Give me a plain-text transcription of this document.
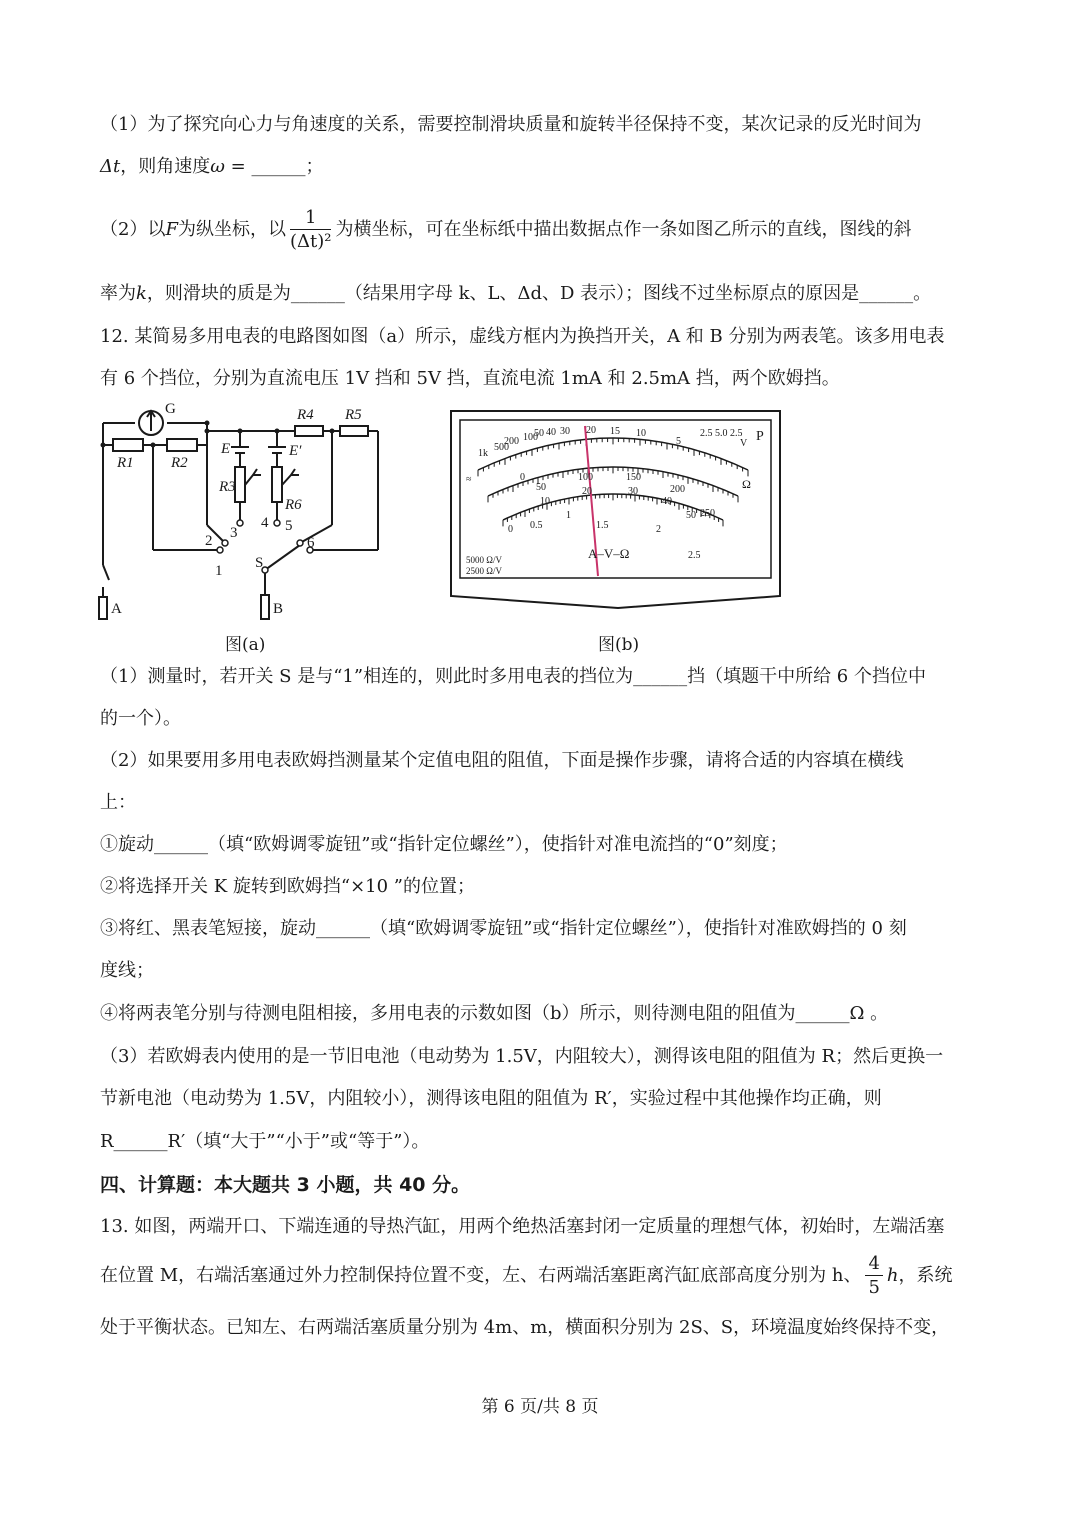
（1）为了探究向心力与角速度的关系，需要控制滑块质量和旋转半径保持不变，某次记录的反光时间为
Δt，则角速度ω = ______；
（2）以F为纵坐标，以 $\frac{1}{\text{(Δt)²}}$ 为横坐标，可在坐标纸中描出数据点作一条如图乙所示的直线，图线的斜
率为k，则滑块的质是为______（结果用字母 k、L、Δd、D 表示）；图线不过坐标原点的原因是______。
12. 某简易多用电表的电路图如图（a）所示，虚线方框内为换挡开关，A 和 B 分别为两表笔。该多用电表
有 6 个挡位，分别为直流电压 1V 挡和 5V 挡，直流电流 1mA 和 2.5mA 挡，两个欧姆挡。
G
R1 R2
R3
R4 R5
R6
E	E′
S
A	B
1
2 3
4 5
6
图(a)
1k
500
200 100
50 40 30 20 15 10
5
2.5 5.0 2.5
V P
0
50
100	150
200
250
10
20	30
40
50
0 0.5
1
1.5	2
2.5
Ω
A–V–Ω
5000 Ω/V
2500 Ω/V
≈
图(b)
（1）测量时，若开关 S 是与“1”相连的，则此时多用电表的挡位为______挡（填题干中所给 6 个挡位中
的一个）。
（2）如果要用多用电表欧姆挡测量某个定值电阻的阻值，下面是操作步骤，请将合适的内容填在横线
上：
①旋动______（填“欧姆调零旋钮”或“指针定位螺丝”），使指针对准电流挡的“0”刻度；
②将选择开关 K 旋转到欧姆挡“×10 ”的位置；
③将红、黑表笔短接，旋动______（填“欧姆调零旋钮”或“指针定位螺丝”），使指针对准欧姆挡的 0 刻
度线；
④将两表笔分别与待测电阻相接，多用电表的示数如图（b）所示，则待测电阻的阻值为______Ω 。
（3）若欧姆表内使用的是一节旧电池（电动势为 1.5V，内阻较大），测得该电阻的阻值为 R；然后更换一
节新电池（电动势为 1.5V，内阻较小），测得该电阻的阻值为 R′，实验过程中其他操作均正确，则
R______R′（填“大于”“小于”或“等于”）。
四、计算题：本大题共 3 小题，共 40 分。
13. 如图，两端开口、下端连通的导热汽缸，用两个绝热活塞封闭一定质量的理想气体，初始时，左端活塞
在位置 M，右端活塞通过外力控制保持位置不变，左、右两端活塞距离汽缸底部高度分别为 h、 $\frac{4}{5}$ h，系统
处于平衡状态。已知左、右两端活塞质量分别为 4m、m，横面积分别为 2S、S，环境温度始终保持不变，
第 6 页/共 8 页
